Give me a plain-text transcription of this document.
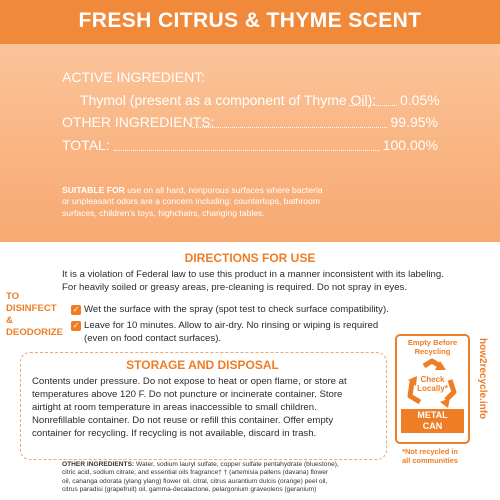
FRESH CITRUS & THYME SCENT
ACTIVE INGREDIENT:
Thymol (present as a component of Thyme Oil): 0.05%
OTHER INGREDIENTS:	99.95%
TOTAL:	100.00%
SUITABLE FOR use on all hard, nonporous surfaces where bacteria
or unpleasant odors are a concern including: countertops, bathroom
surfaces, children's toys, highchairs, changing tables.
DIRECTIONS FOR USE
It is a violation of Federal law to use this product in a manner inconsistent with its labeling.
For heavily soiled or greasy areas, pre-cleaning is required. Do not spray in eyes.
TO DISINFECT
& DEODORIZE
✓ Wet the surface with the spray (spot test to check surface compatibility).
✓ Leave for 10 minutes. Allow to air-dry. No rinsing or wiping is required
(even on food contact surfaces).
STORAGE AND DISPOSAL
Contents under pressure. Do not expose to heat or open flame, or store at
temperatures above 120 F. Do not puncture or incinerate container. Store
airtight at room temperature in areas inaccessible to small children.
Nonrefillable container. Do not reuse or refill this container. Offer empty
container for recycling. If recycling is not available, discard in trash.
Empty Before
Recycling
Check
Locally*
METAL
CAN
how2recycle.info
*Not recycled in
all communities
OTHER INGREDIENTS: Water, sodium lauryl sulfate, copper sulfate pentahydrate (bluestone),
citric acid, sodium citrate, and essential oils fragrance† † (artemisia pallens (davana) flower
oil, cananga odorata (ylang ylang) flower oil, citral, citrus aurantium dulcis (orange) peel oil,
citrus paradisi (grapefruit) oil, gamma-decalactone, pelargonium graveolens (geranium)
